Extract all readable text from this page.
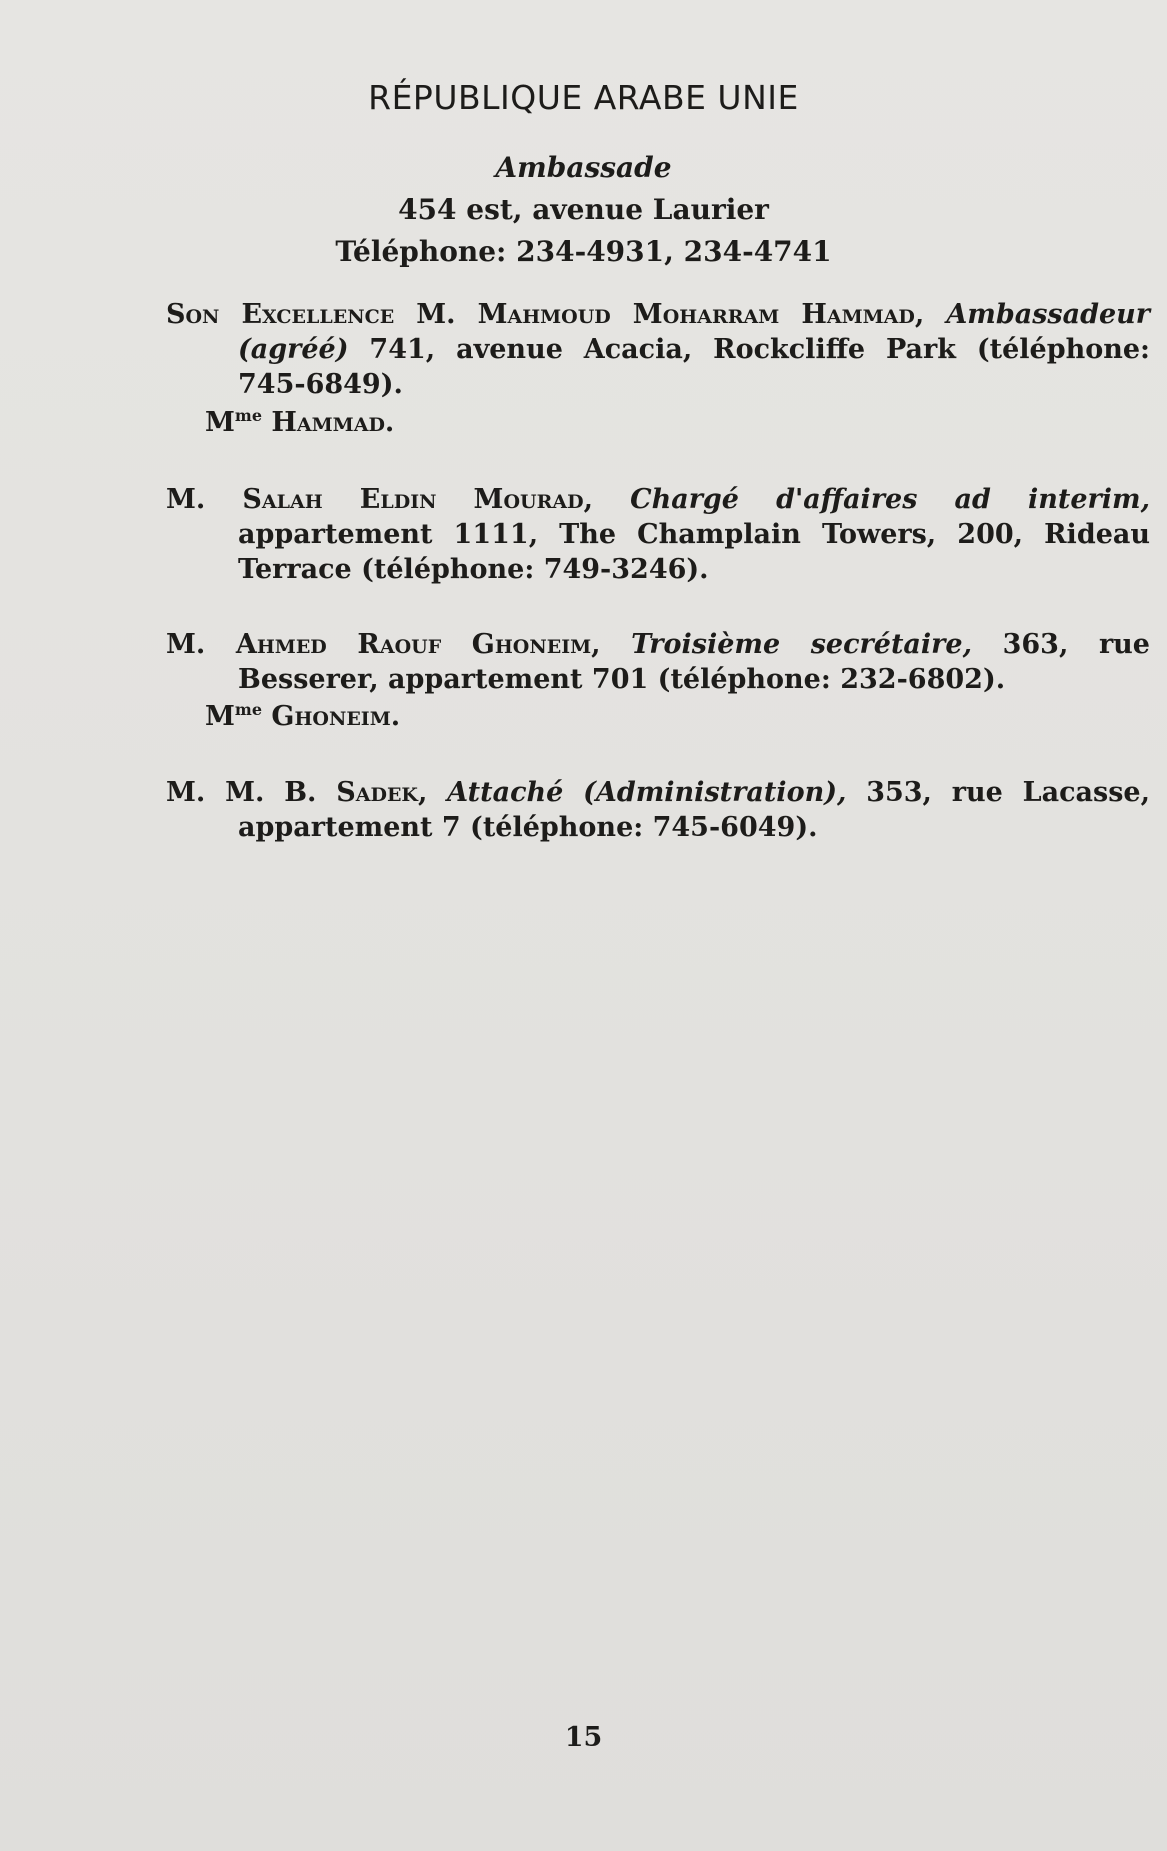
RÉPUBLIQUE ARABE UNIE
Ambassade
454 est, avenue Laurier
Téléphone: 234-4931, 234-4741
Son Excellence M. Mahmoud Moharram Hammad, Ambassadeur (agréé) 741, avenue Acacia, Rockcliffe Park (téléphone: 745-6849).
$M^{me}$ Hammad.
M. Salah Eldin Mourad, Chargé d'affaires ad interim, appartement 1111, The Champlain Towers, 200, Rideau Terrace (téléphone: 749-3246).
M. Ahmed Raouf Ghoneim, Troisième secrétaire, 363, rue Besserer, appartement 701 (téléphone: 232-6802).
$M^{me}$ Ghoneim.
M. M. B. Sadek, Attaché (Administration), 353, rue Lacasse, appartement 7 (téléphone: 745-6049).
15
